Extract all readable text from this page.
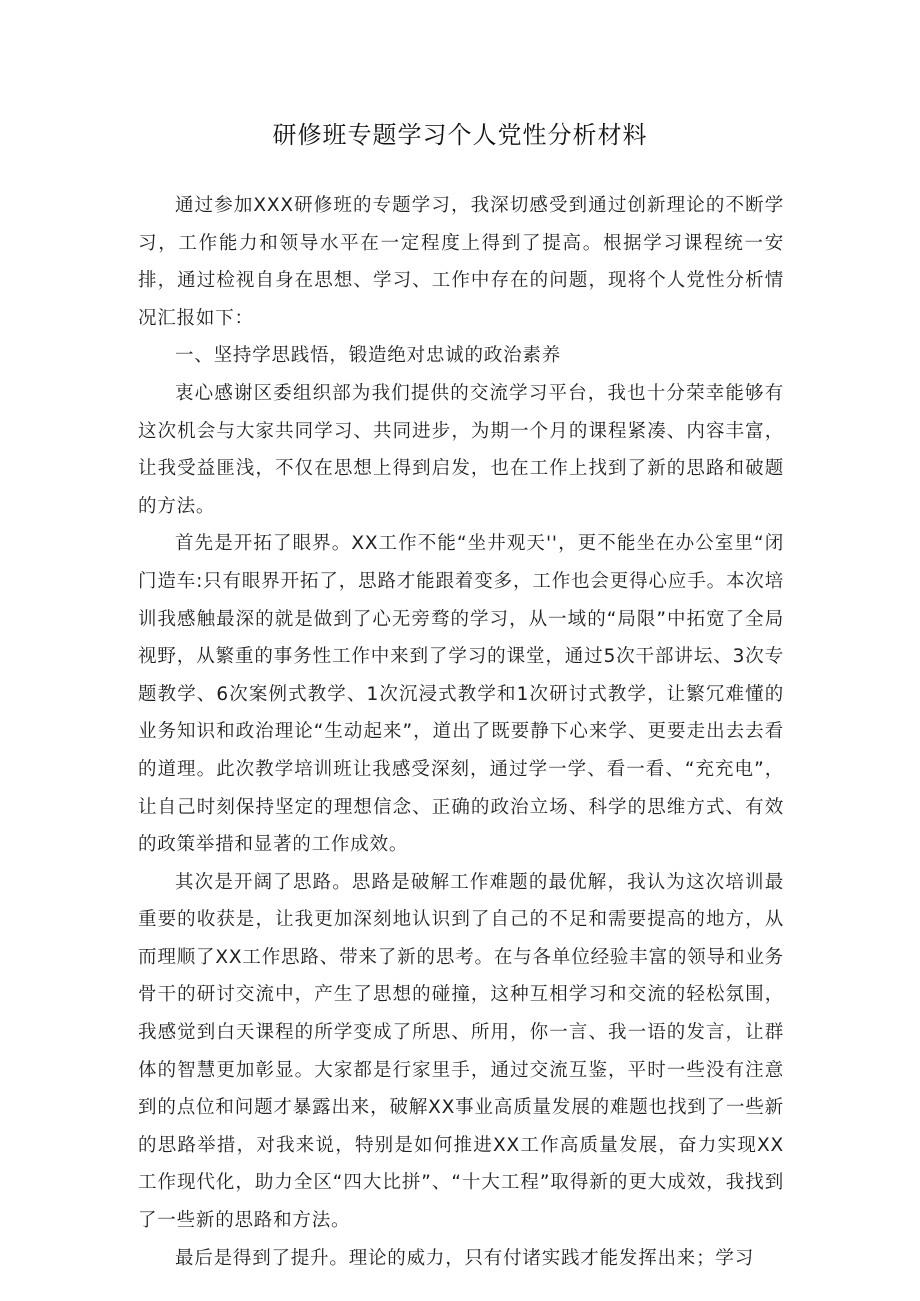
研修班专题学习个人党性分析材料

通过参加XXX研修班的专题学习，我深切感受到通过创新理论的不断学习，工作能力和领导水平在一定程度上得到了提高。根据学习课程统一安排，通过检视自身在思想、学习、工作中存在的问题，现将个人党性分析情况汇报如下：

一、坚持学思践悟，锻造绝对忠诚的政治素养

衷心感谢区委组织部为我们提供的交流学习平台，我也十分荣幸能够有这次机会与大家共同学习、共同进步，为期一个月的课程紧凑、内容丰富，让我受益匪浅，不仅在思想上得到启发，也在工作上找到了新的思路和破题的方法。

首先是开拓了眼界。XX工作不能“坐井观天''，更不能坐在办公室里“闭门造车:只有眼界开拓了，思路才能跟着变多，工作也会更得心应手。本次培训我感触最深的就是做到了心无旁骛的学习，从一域的“局限”中拓宽了全局视野，从繁重的事务性工作中来到了学习的课堂，通过5次干部讲坛、3次专题教学、6次案例式教学、1次沉浸式教学和1次研讨式教学，让繁冗难懂的业务知识和政治理论“生动起来”，道出了既要静下心来学、更要走出去去看的道理。此次教学培训班让我感受深刻，通过学一学、看一看、“充充电”，让自己时刻保持坚定的理想信念、正确的政治立场、科学的思维方式、有效的政策举措和显著的工作成效。

其次是开阔了思路。思路是破解工作难题的最优解，我认为这次培训最重要的收获是，让我更加深刻地认识到了自己的不足和需要提高的地方，从而理顺了XX工作思路、带来了新的思考。在与各单位经验丰富的领导和业务骨干的研讨交流中，产生了思想的碰撞，这种互相学习和交流的轻松氛围，我感觉到白天课程的所学变成了所思、所用，你一言、我一语的发言，让群体的智慧更加彰显。大家都是行家里手，通过交流互鉴，平时一些没有注意到的点位和问题才暴露出来，破解XX事业高质量发展的难题也找到了一些新的思路举措，对我来说，特别是如何推进XX工作高质量发展，奋力实现XX工作现代化，助力全区“四大比拼”、“十大工程”取得新的更大成效，我找到了一些新的思路和方法。

最后是得到了提升。理论的威力，只有付诸实践才能发挥出来；学习
